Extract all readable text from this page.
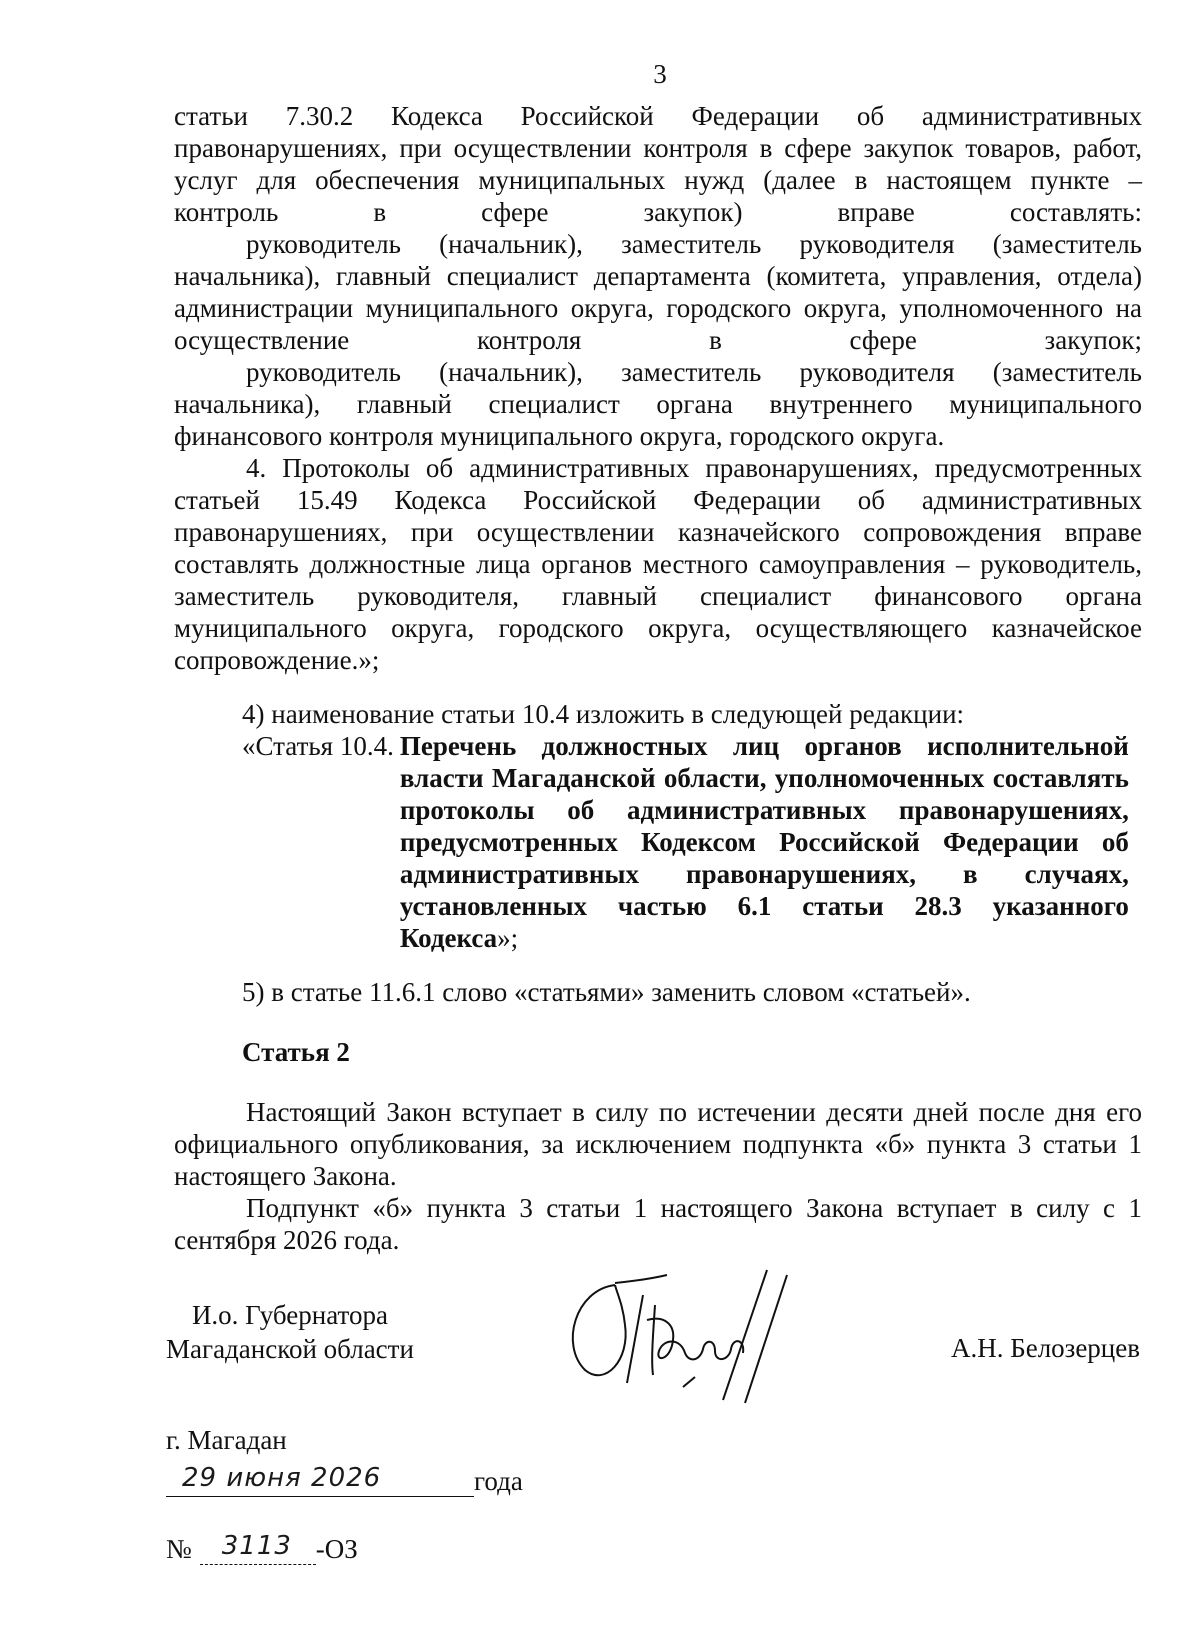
3

статьи 7.30.2 Кодекса Российской Федерации об административных правонарушениях, при осуществлении контроля в сфере закупок товаров, работ, услуг для обеспечения муниципальных нужд (далее в настоящем пункте – контроль в сфере закупок) вправе составлять:

руководитель (начальник), заместитель руководителя (заместитель начальника), главный специалист департамента (комитета, управления, отдела) администрации муниципального округа, городского округа, уполномоченного на осуществление контроля в сфере закупок;

руководитель (начальник), заместитель руководителя (заместитель начальника), главный специалист органа внутреннего муниципального финансового контроля муниципального округа, городского округа.

4. Протоколы об административных правонарушениях, предусмотренных статьей 15.49 Кодекса Российской Федерации об административных правонарушениях, при осуществлении казначейского сопровождения вправе составлять должностные лица органов местного самоуправления – руководитель, заместитель руководителя, главный специалист финансового органа муниципального округа, городского округа, осуществляющего казначейское сопровождение.»;

4) наименование статьи 10.4 изложить в следующей редакции:

«Статья 10.4. Перечень должностных лиц органов исполнительной власти Магаданской области, уполномоченных составлять протоколы об административных правонарушениях, предусмотренных Кодексом Российской Федерации об административных правонарушениях, в случаях, установленных частью 6.1 статьи 28.3 указанного Кодекса»;

5) в статье 11.6.1 слово «статьями» заменить словом «статьей».

Статья 2

Настоящий Закон вступает в силу по истечении десяти дней после дня его официального опубликования, за исключением подпункта «б» пункта 3 статьи 1 настоящего Закона.

Подпункт «б» пункта 3 статьи 1 настоящего Закона вступает в силу с 1 сентября 2026 года.

И.о. Губернатора
Магаданской области	А.Н. Белозерцев
г. Магадан
29 июня 2026	года
№ 3113 -ОЗ
